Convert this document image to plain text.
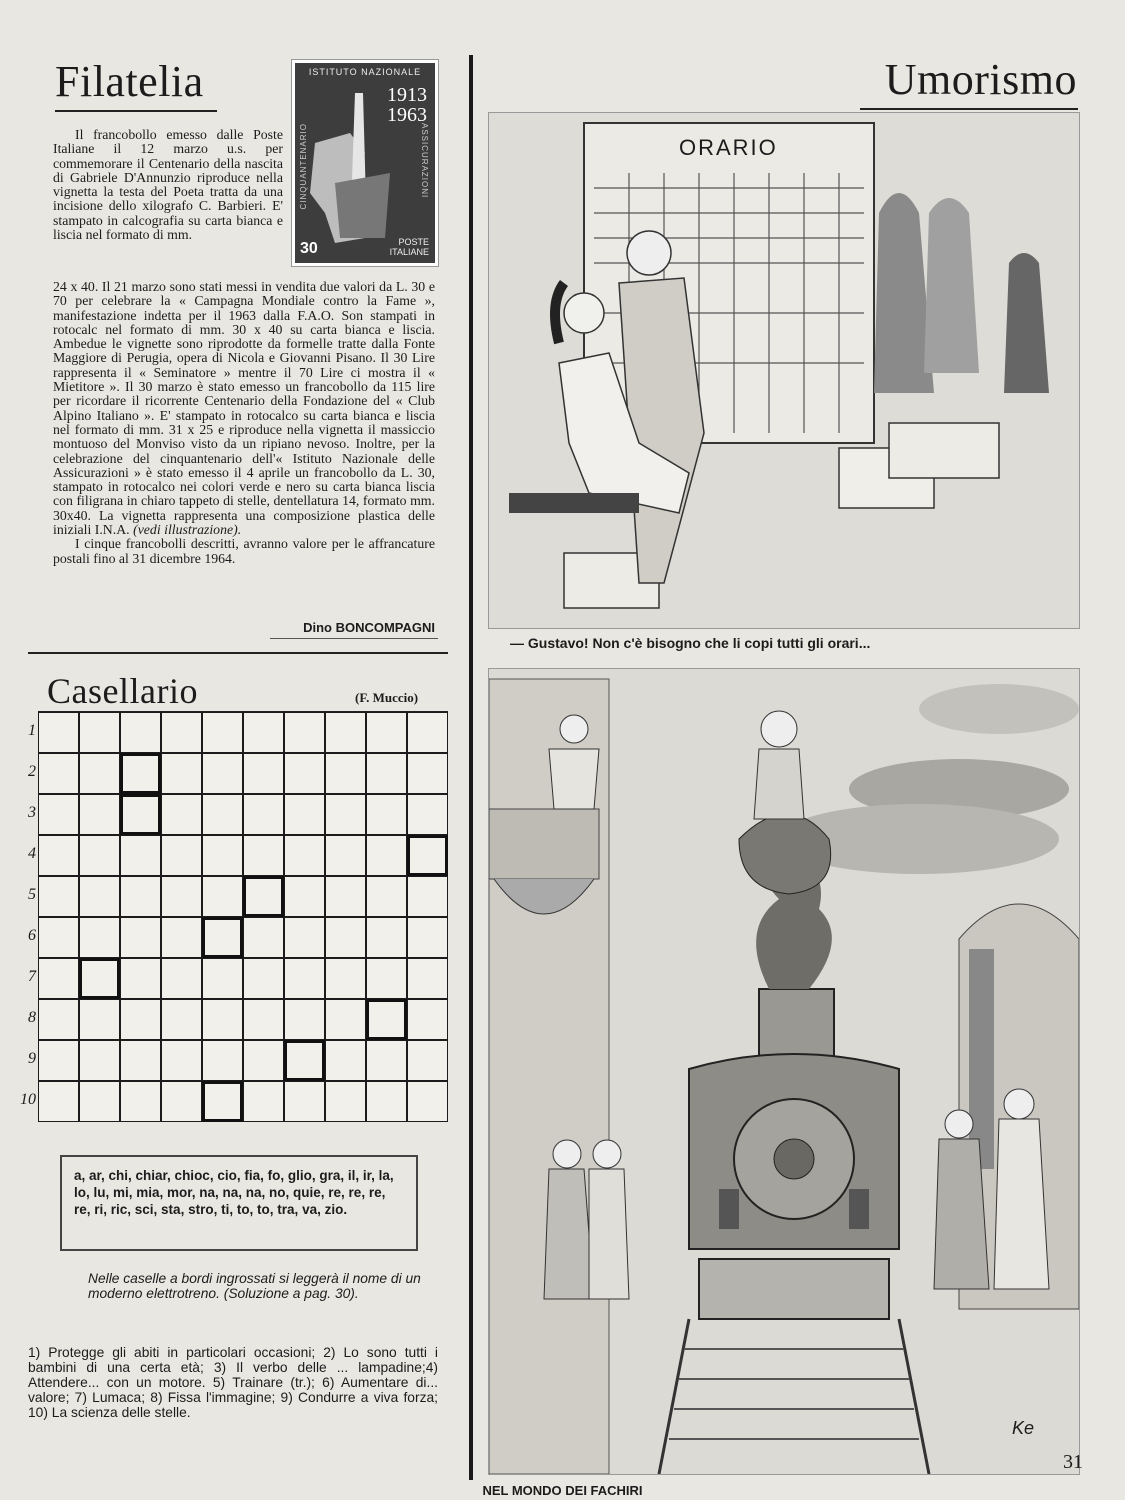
Filatelia	ISTITUTO NAZIONALE
1913
1963
ASSICURAZIONI
30	POSTE
ITALIANE
CINQUANTENARIO

Il francobollo emesso dalle Poste Italiane il 12 marzo u.s. per commemorare il Centenario della nascita di Gabriele D'Annunzio riproduce nella vignetta la testa del Poeta tratta da una incisione dello xilografo C. Barbieri. E' stampato in calcografia su carta bianca e liscia nel formato di mm.

24 x 40. Il 21 marzo sono stati messi in vendita due valori da L. 30 e 70 per celebrare la « Campagna Mondiale contro la Fame », manifestazione indetta per il 1963 dalla F.A.O. Son stampati in rotocalc nel formato di mm. 30 x 40 su carta bianca e liscia. Ambedue le vignette sono riprodotte da formelle tratte dalla Fonte Maggiore di Perugia, opera di Nicola e Giovanni Pisano. Il 30 Lire rappresenta il « Seminatore » mentre il 70 Lire ci mostra il « Mietitore ». Il 30 marzo è stato emesso un francobollo da 115 lire per ricordare il ricorrente Centenario della Fondazione del « Club Alpino Italiano ». E' stampato in rotocalco su carta bianca e liscia nel formato di mm. 31 x 25 e riproduce nella vignetta il massiccio montuoso del Monviso visto da un ripiano nevoso. Inoltre, per la celebrazione del cinquantenario dell'« Istituto Nazionale delle Assicurazioni » è stato emesso il 4 aprile un francobollo da L. 30, stampato in rotocalco nei colori verde e nero su carta bianca liscia con filigrana in chiaro tappeto di stelle, dentellatura 14, formato mm. 30x40. La vignetta rappresenta una composizione plastica delle iniziali I.N.A. (vedi illustrazione).

I cinque francobolli descritti, avranno valore per le affrancature postali fino al 31 dicembre 1964.

Dino BONCOMPAGNI
Casellario	(F. Muccio)
1
2
3
4
5
6
7
8
9
10
a, ar, chi, chiar, chioc, cio, fia, fo, glio, gra, il, ir, la, lo, lu, mi, mia, mor, na, na, na, no, quie, re, re, re, re, ri, ric, sci, sta, stro, ti, to, to, tra, va, zio.
Nelle caselle a bordi ingrossati si leggerà il nome di un moderno elettrotreno. (Soluzione a pag. 30).
1) Protegge gli abiti in particolari occasioni; 2) Lo sono tutti i bambini di una certa età; 3) Il verbo delle ... lampadine;4) Attendere... con un motore. 5) Trainare (tr.); 6) Aumentare di... valore; 7) Lumaca; 8) Fissa l'immagine; 9) Condurre a viva forza; 10) La scienza delle stelle.
Umorismo
ORARIO
— Gustavo! Non c'è bisogno che li copi tutti gli orari...
Ke
NEL MONDO DEI FACHIRI
31
